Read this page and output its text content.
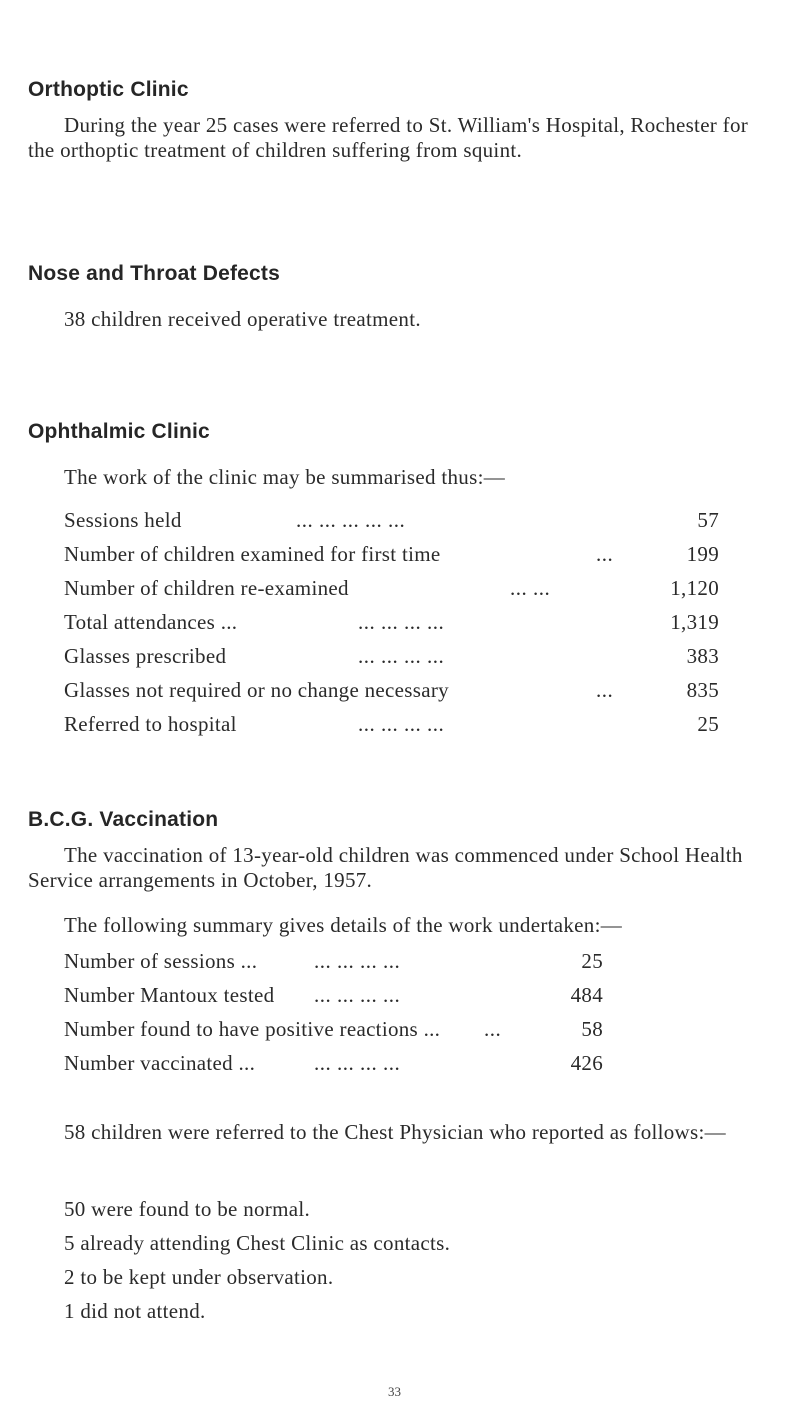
Orthoptic Clinic

During the year 25 cases were referred to St. William's Hospital, Rochester for the orthoptic treatment of children suffering from squint.

Nose and Throat Defects

38 children received operative treatment.

Ophthalmic Clinic

The work of the clinic may be summarised thus:—

Sessions held	... ... ... ... ...	57
Number of children examined for first time	...	199
Number of children re-examined	... ...	1,120
Total attendances ...	... ... ... ...	1,319
Glasses prescribed	... ... ... ...	383
Glasses not required or no change necessary	...	835
Referred to hospital	... ... ... ...	25
B.C.G. Vaccination

The vaccination of 13-year-old children was commenced under School Health Service arrangements in October, 1957.

The following summary gives details of the work undertaken:—

Number of sessions ...	... ... ... ...	25
Number Mantoux tested ... ... ... ...	484
Number found to have positive reactions ... ...	58
Number vaccinated ...	... ... ... ...	426

58 children were referred to the Chest Physician who reported as follows:—

50 were found to be normal.

5 already attending Chest Clinic as contacts.

2 to be kept under observation.

1 did not attend.

33
